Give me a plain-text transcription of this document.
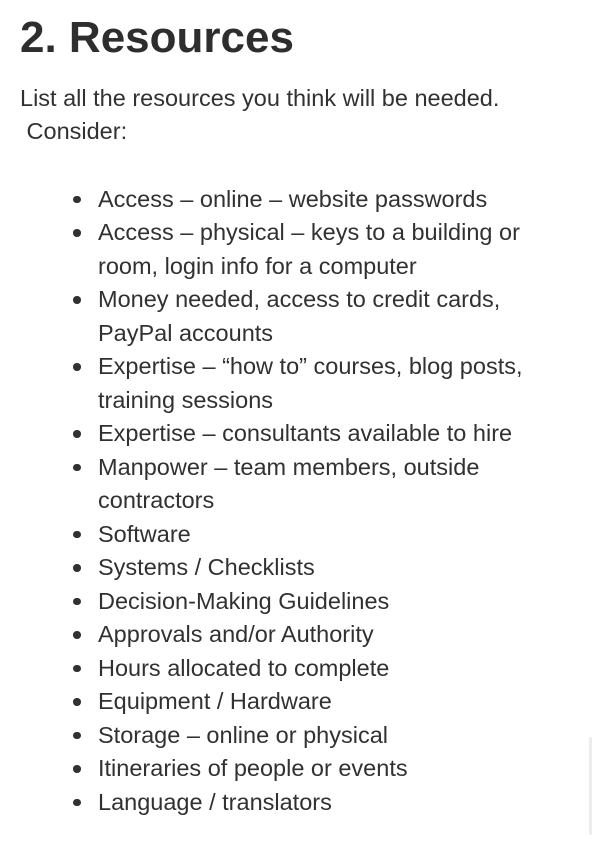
2. Resources

List all the resources you think will be needed.
Consider:

Access – online – website passwords
Access – physical – keys to a building or room, login info for a computer
Money needed, access to credit cards, PayPal accounts
Expertise – “how to” courses, blog posts, training sessions
Expertise – consultants available to hire
Manpower – team members, outside contractors
Software
Systems / Checklists
Decision-Making Guidelines
Approvals and/or Authority
Hours allocated to complete
Equipment / Hardware
Storage – online or physical
Itineraries of people or events
Language / translators
